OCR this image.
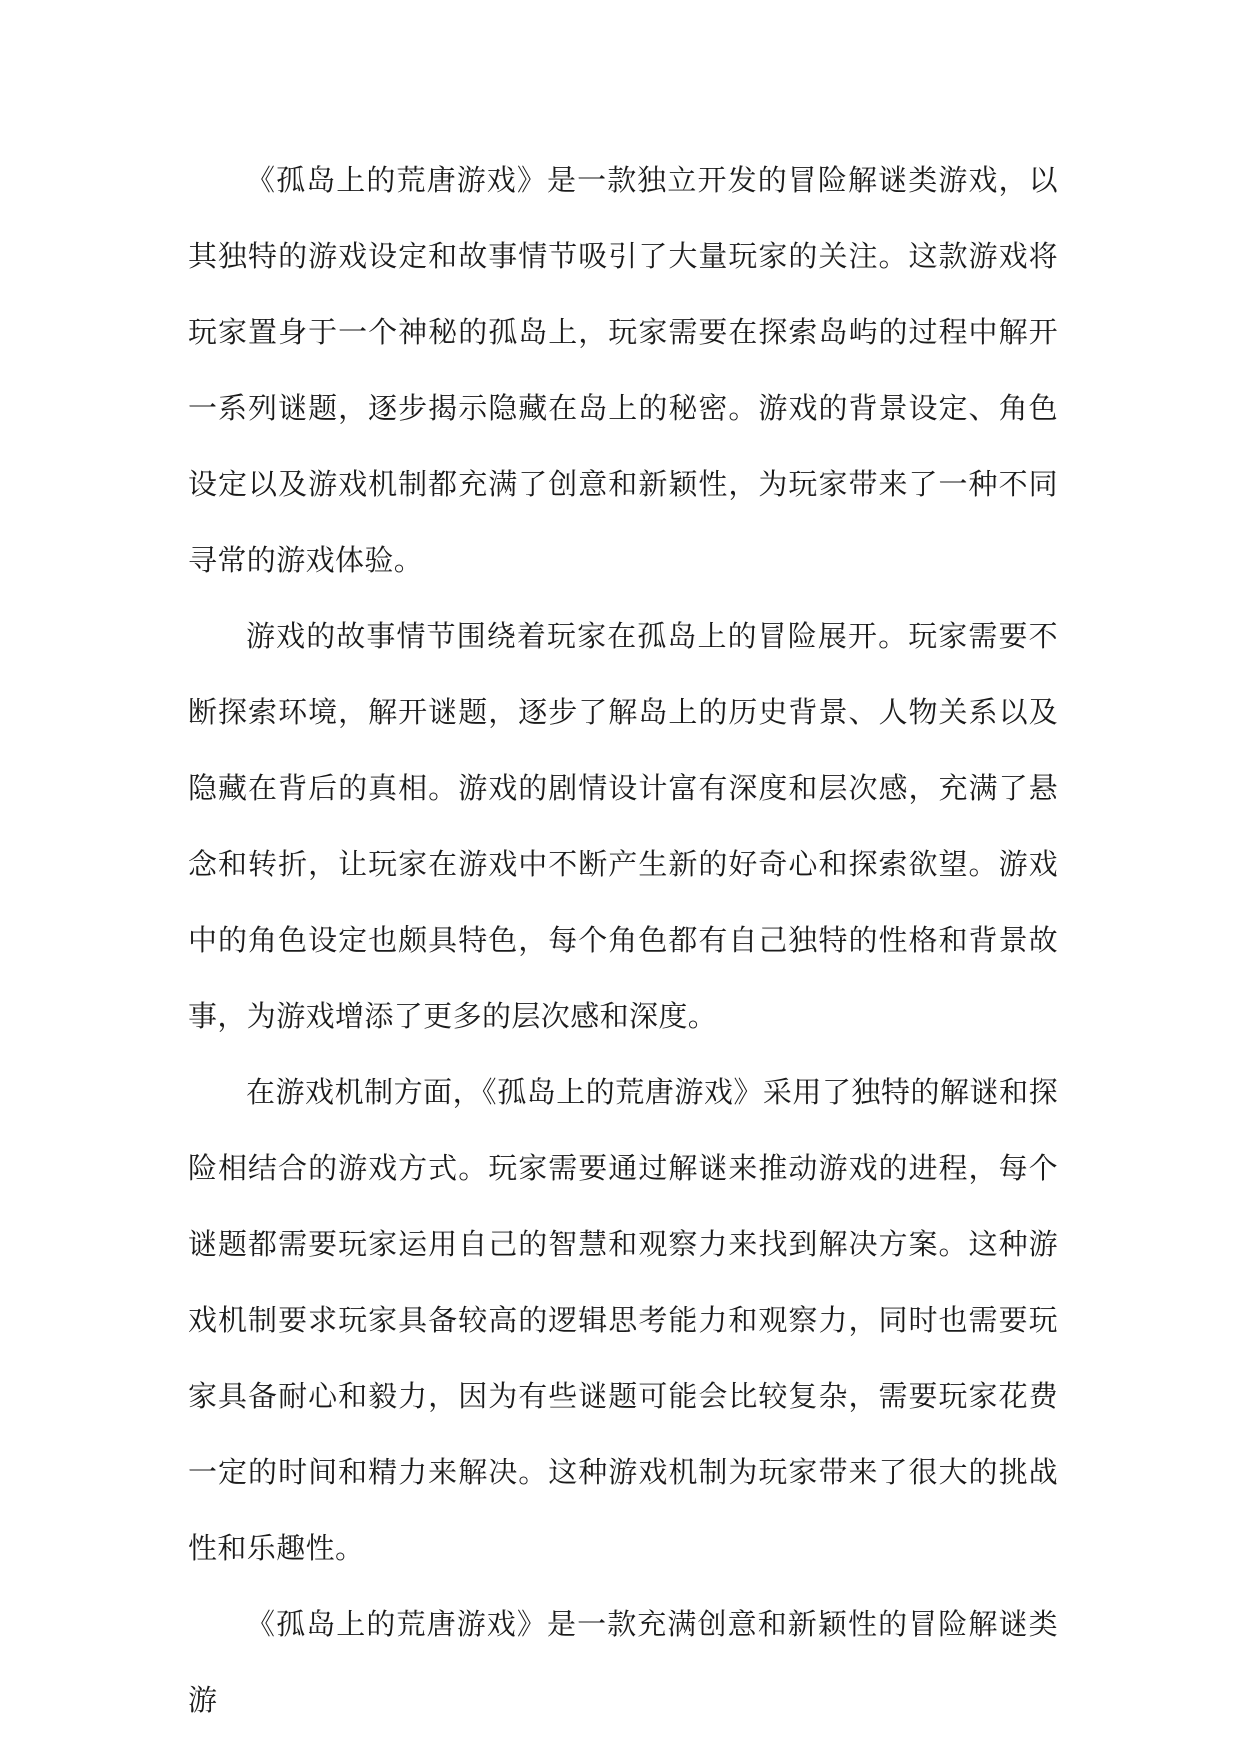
《孤岛上的荒唐游戏》是一款独立开发的冒险解谜类游戏，以其独特的游戏设定和故事情节吸引了大量玩家的关注。这款游戏将玩家置身于一个神秘的孤岛上，玩家需要在探索岛屿的过程中解开一系列谜题，逐步揭示隐藏在岛上的秘密。游戏的背景设定、角色设定以及游戏机制都充满了创意和新颖性，为玩家带来了一种不同寻常的游戏体验。

游戏的故事情节围绕着玩家在孤岛上的冒险展开。玩家需要不断探索环境，解开谜题，逐步了解岛上的历史背景、人物关系以及隐藏在背后的真相。游戏的剧情设计富有深度和层次感，充满了悬念和转折，让玩家在游戏中不断产生新的好奇心和探索欲望。游戏中的角色设定也颇具特色，每个角色都有自己独特的性格和背景故事，为游戏增添了更多的层次感和深度。

在游戏机制方面，《孤岛上的荒唐游戏》采用了独特的解谜和探险相结合的游戏方式。玩家需要通过解谜来推动游戏的进程，每个谜题都需要玩家运用自己的智慧和观察力来找到解决方案。这种游戏机制要求玩家具备较高的逻辑思考能力和观察力，同时也需要玩家具备耐心和毅力，因为有些谜题可能会比较复杂，需要玩家花费一定的时间和精力来解决。这种游戏机制为玩家带来了很大的挑战性和乐趣性。

《孤岛上的荒唐游戏》是一款充满创意和新颖性的冒险解谜类游
